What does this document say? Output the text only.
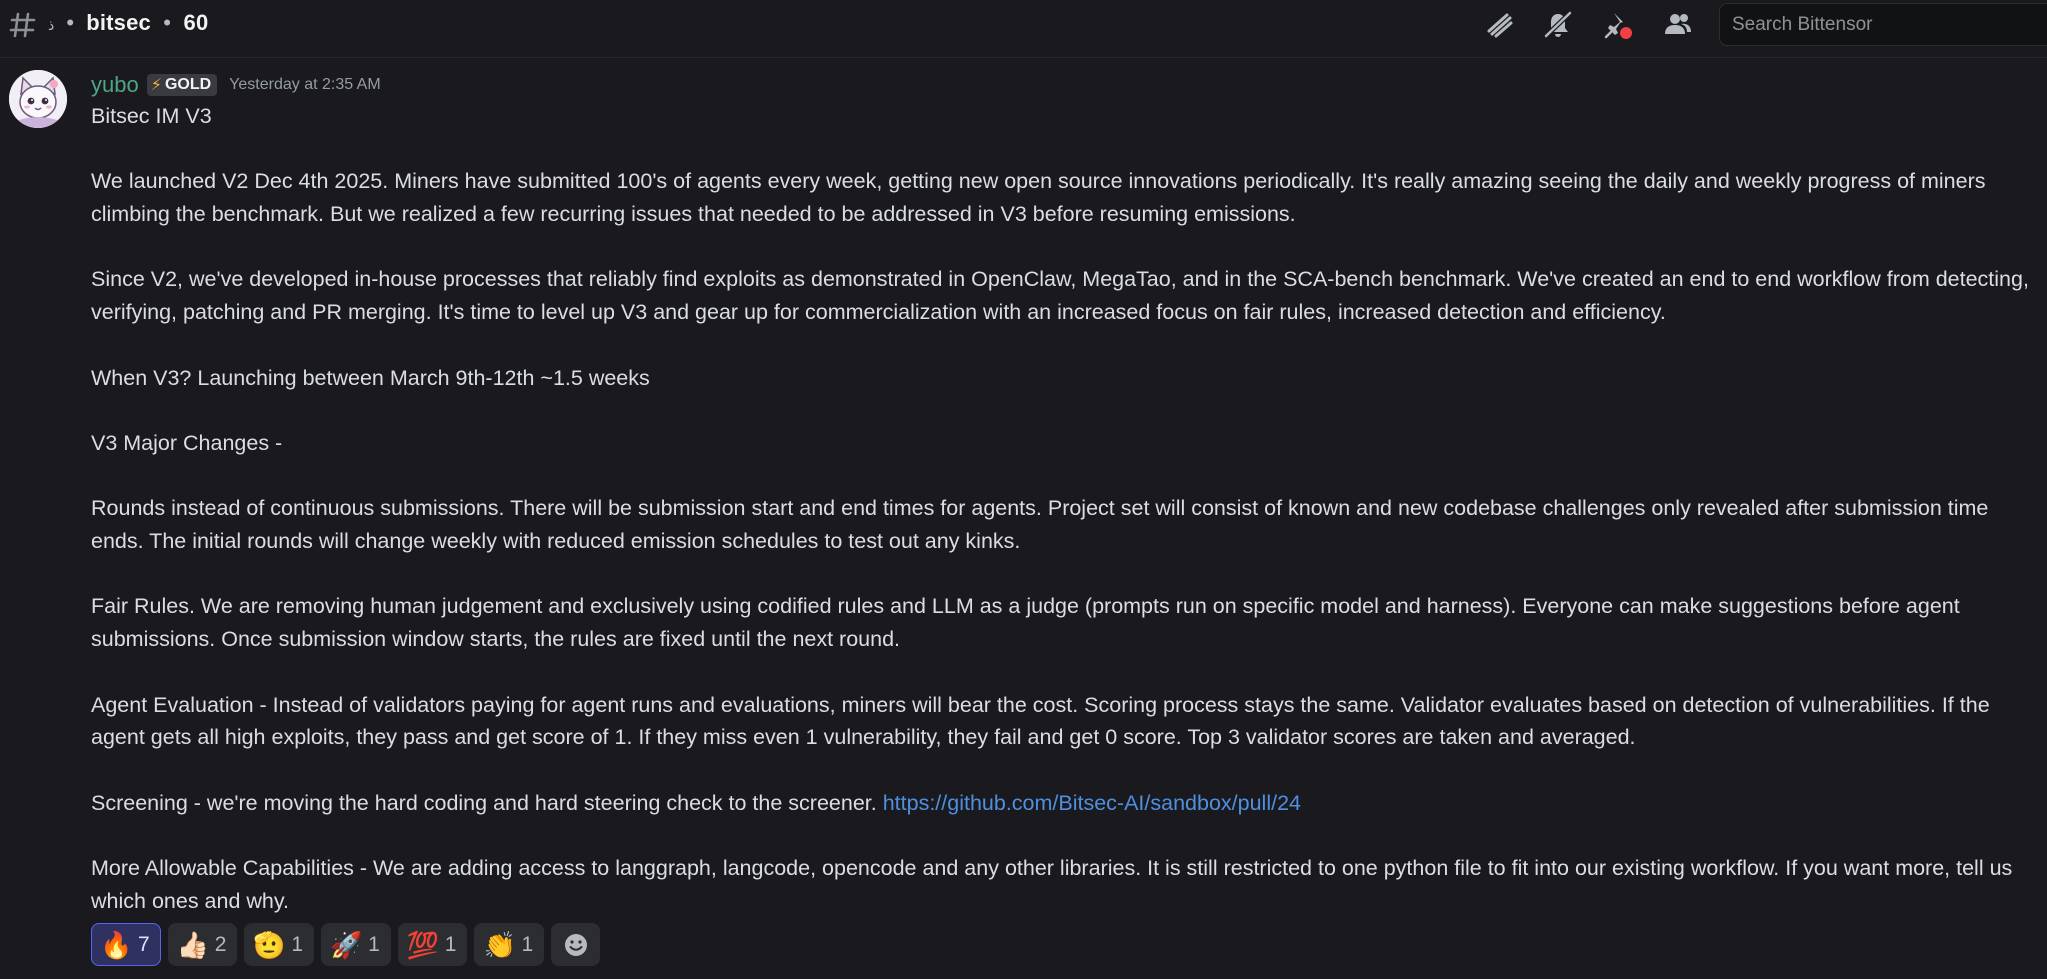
ذ • bitsec • 60
Search Bittensor
yubo ⚡ GOLD Yesterday at 2:35 AM

Bitsec IM V3

We launched V2 Dec 4th 2025. Miners have submitted 100's of agents every week, getting new open source innovations periodically. It's really amazing seeing the daily and weekly progress of miners climbing the benchmark. But we realized a few recurring issues that needed to be addressed in V3 before resuming emissions.

Since V2, we've developed in-house processes that reliably find exploits as demonstrated in OpenClaw, MegaTao, and in the SCA-bench benchmark. We've created an end to end workflow from detecting, verifying, patching and PR merging. It's time to level up V3 and gear up for commercialization with an increased focus on fair rules, increased detection and efficiency.

When V3? Launching between March 9th-12th ~1.5 weeks

V3 Major Changes -

Rounds instead of continuous submissions. There will be submission start and end times for agents. Project set will consist of known and new codebase challenges only revealed after submission time ends. The initial rounds will change weekly with reduced emission schedules to test out any kinks.

Fair Rules. We are removing human judgement and exclusively using codified rules and LLM as a judge (prompts run on specific model and harness). Everyone can make suggestions before agent submissions. Once submission window starts, the rules are fixed until the next round.

Agent Evaluation - Instead of validators paying for agent runs and evaluations, miners will bear the cost. Scoring process stays the same. Validator evaluates based on detection of vulnerabilities. If the agent gets all high exploits, they pass and get score of 1. If they miss even 1 vulnerability, they fail and get 0 score. Top 3 validator scores are taken and averaged.

Screening - we're moving the hard coding and hard steering check to the screener. https://github.com/Bitsec-AI/sandbox/pull/24

More Allowable Capabilities - We are adding access to langgraph, langcode, opencode and any other libraries. It is still restricted to one python file to fit into our existing workflow. If you want more, tell us which ones and why.

🔥 7 👍🏻 2 🫡 1 🚀 1 💯 1 👏 1
